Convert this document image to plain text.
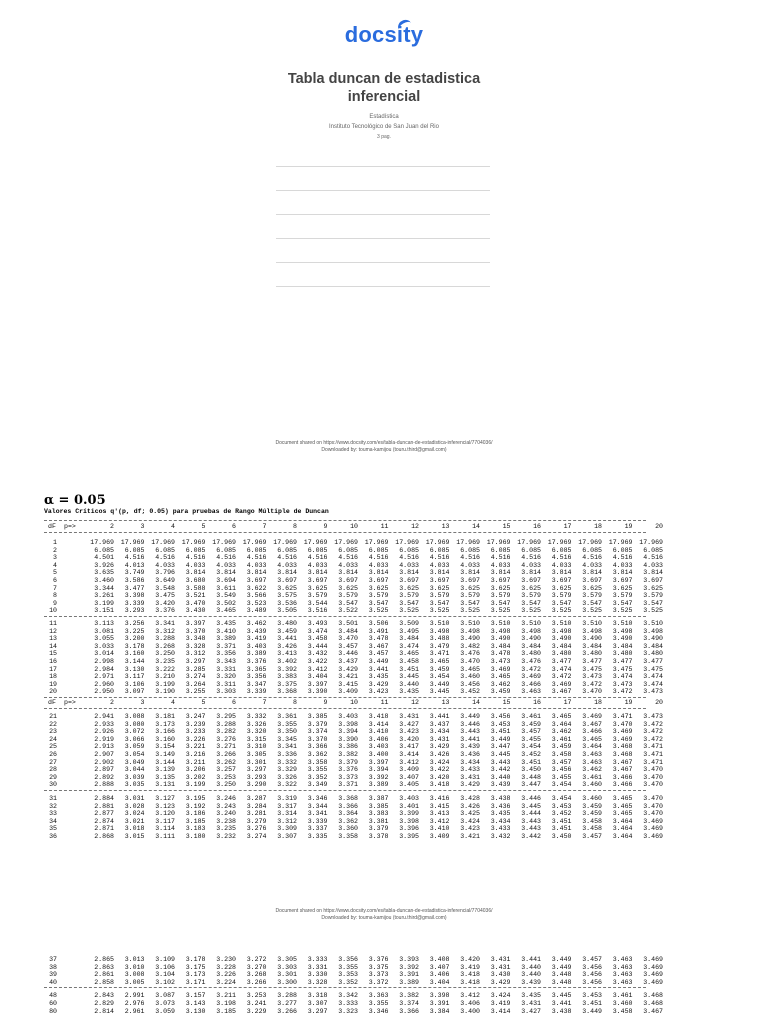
docsity
Tabla duncan de estadistica inferencial
Estadística
Instituto Tecnológico de San Juan del Rio
3 pag.
Document shared on https://www.docsity.com/es/tabla-duncan-de-estadistica-inferencial/7704036/
Downloaded by: touma-kamijou (touru.third@gmail.com)
α = 0.05
Valores Críticos q'(p, df; 0.05) para pruebas de Rango Múltiple de Duncan
dF p=>	2	3	4	5	6	7	8	9	10	11	12	13	14	15	16	17	18	19	20
1	17.969	17.969	17.969	17.969	17.969	17.969	17.969	17.969	17.969	17.969	17.969	17.969	17.969	17.969	17.969	17.969	17.969	17.969	17.969
2	6.085	6.085	6.085	6.085	6.085	6.085	6.085	6.085	6.085	6.085	6.085	6.085	6.085	6.085	6.085	6.085	6.085	6.085	6.085
3	4.501	4.516	4.516	4.516	4.516	4.516	4.516	4.516	4.516	4.516	4.516	4.516	4.516	4.516	4.516	4.516	4.516	4.516	4.516
4	3.926	4.013	4.033	4.033	4.033	4.033	4.033	4.033	4.033	4.033	4.033	4.033	4.033	4.033	4.033	4.033	4.033	4.033	4.033
5	3.635	3.749	3.796	3.814	3.814	3.814	3.814	3.814	3.814	3.814	3.814	3.814	3.814	3.814	3.814	3.814	3.814	3.814	3.814
6	3.460	3.586	3.649	3.680	3.694	3.697	3.697	3.697	3.697	3.697	3.697	3.697	3.697	3.697	3.697	3.697	3.697	3.697	3.697
7	3.344	3.477	3.548	3.588	3.611	3.622	3.625	3.625	3.625	3.625	3.625	3.625	3.625	3.625	3.625	3.625	3.625	3.625	3.625
8	3.261	3.398	3.475	3.521	3.549	3.566	3.575	3.579	3.579	3.579	3.579	3.579	3.579	3.579	3.579	3.579	3.579	3.579	3.579
9	3.199	3.339	3.420	3.470	3.502	3.523	3.536	3.544	3.547	3.547	3.547	3.547	3.547	3.547	3.547	3.547	3.547	3.547	3.547
10	3.151	3.293	3.376	3.430	3.465	3.489	3.505	3.516	3.522	3.525	3.525	3.525	3.525	3.525	3.525	3.525	3.525	3.525	3.525
11	3.113	3.256	3.341	3.397	3.435	3.462	3.480	3.493	3.501	3.506	3.509	3.510	3.510	3.510	3.510	3.510	3.510	3.510	3.510
12	3.081	3.225	3.312	3.370	3.410	3.439	3.459	3.474	3.484	3.491	3.495	3.498	3.498	3.498	3.498	3.498	3.498	3.498	3.498
13	3.055	3.200	3.288	3.348	3.389	3.419	3.441	3.458	3.470	3.478	3.484	3.488	3.490	3.490	3.490	3.490	3.490	3.490	3.490
14	3.033	3.178	3.268	3.328	3.371	3.403	3.426	3.444	3.457	3.467	3.474	3.479	3.482	3.484	3.484	3.484	3.484	3.484	3.484
15	3.014	3.160	3.250	3.312	3.356	3.389	3.413	3.432	3.446	3.457	3.465	3.471	3.476	3.478	3.480	3.480	3.480	3.480	3.480
16	2.998	3.144	3.235	3.297	3.343	3.376	3.402	3.422	3.437	3.449	3.458	3.465	3.470	3.473	3.476	3.477	3.477	3.477	3.477
17	2.984	3.130	3.222	3.285	3.331	3.365	3.392	3.412	3.429	3.441	3.451	3.459	3.465	3.469	3.472	3.474	3.475	3.475	3.475
18	2.971	3.117	3.210	3.274	3.320	3.356	3.383	3.404	3.421	3.435	3.445	3.454	3.460	3.465	3.469	3.472	3.473	3.474	3.474
19	2.960	3.106	3.199	3.264	3.311	3.347	3.375	3.397	3.415	3.429	3.440	3.449	3.456	3.462	3.466	3.469	3.472	3.473	3.474
20	2.950	3.097	3.190	3.255	3.303	3.339	3.368	3.390	3.409	3.423	3.435	3.445	3.452	3.459	3.463	3.467	3.470	3.472	3.473
dF p=>	2	3	4	5	6	7	8	9	10	11	12	13	14	15	16	17	18	19	20
21	2.941	3.088	3.181	3.247	3.295	3.332	3.361	3.385	3.403	3.418	3.431	3.441	3.449	3.456	3.461	3.465	3.469	3.471	3.473
22	2.933	3.080	3.173	3.239	3.288	3.326	3.355	3.379	3.398	3.414	3.427	3.437	3.446	3.453	3.459	3.464	3.467	3.470	3.472
23	2.926	3.072	3.166	3.233	3.282	3.320	3.350	3.374	3.394	3.410	3.423	3.434	3.443	3.451	3.457	3.462	3.466	3.469	3.472
24	2.919	3.066	3.160	3.226	3.276	3.315	3.345	3.370	3.390	3.406	3.420	3.431	3.441	3.449	3.455	3.461	3.465	3.469	3.472
25	2.913	3.059	3.154	3.221	3.271	3.310	3.341	3.366	3.386	3.403	3.417	3.429	3.439	3.447	3.454	3.459	3.464	3.468	3.471
26	2.907	3.054	3.149	3.216	3.266	3.305	3.336	3.362	3.382	3.400	3.414	3.426	3.436	3.445	3.452	3.458	3.463	3.468	3.471
27	2.902	3.049	3.144	3.211	3.262	3.301	3.332	3.358	3.379	3.397	3.412	3.424	3.434	3.443	3.451	3.457	3.463	3.467	3.471
28	2.897	3.044	3.139	3.206	3.257	3.297	3.329	3.355	3.376	3.394	3.409	3.422	3.433	3.442	3.450	3.456	3.462	3.467	3.470
29	2.892	3.039	3.135	3.202	3.253	3.293	3.326	3.352	3.373	3.392	3.407	3.420	3.431	3.440	3.448	3.455	3.461	3.466	3.470
30	2.888	3.035	3.131	3.199	3.250	3.290	3.322	3.349	3.371	3.389	3.405	3.418	3.429	3.439	3.447	3.454	3.460	3.466	3.470
31	2.884	3.031	3.127	3.195	3.246	3.287	3.319	3.346	3.368	3.387	3.403	3.416	3.428	3.438	3.446	3.454	3.460	3.465	3.470
32	2.881	3.028	3.123	3.192	3.243	3.284	3.317	3.344	3.366	3.385	3.401	3.415	3.426	3.436	3.445	3.453	3.459	3.465	3.470
33	2.877	3.024	3.120	3.186	3.240	3.281	3.314	3.341	3.364	3.383	3.399	3.413	3.425	3.435	3.444	3.452	3.459	3.465	3.470
34	2.874	3.021	3.117	3.185	3.238	3.279	3.312	3.339	3.362	3.381	3.398	3.412	3.424	3.434	3.443	3.451	3.458	3.464	3.469
35	2.871	3.018	3.114	3.183	3.235	3.276	3.309	3.337	3.360	3.379	3.396	3.410	3.423	3.433	3.443	3.451	3.458	3.464	3.469
36	2.868	3.015	3.111	3.180	3.232	3.274	3.307	3.335	3.358	3.378	3.395	3.409	3.421	3.432	3.442	3.450	3.457	3.464	3.469
37	2.865	3.013	3.109	3.178	3.230	3.272	3.305	3.333	3.356	3.376	3.393	3.408	3.420	3.431	3.441	3.449	3.457	3.463	3.469
38	2.863	3.010	3.106	3.175	3.228	3.270	3.303	3.331	3.355	3.375	3.392	3.407	3.419	3.431	3.440	3.449	3.456	3.463	3.469
39	2.861	3.008	3.104	3.173	3.226	3.268	3.301	3.330	3.353	3.373	3.391	3.406	3.418	3.430	3.440	3.448	3.456	3.463	3.469
40	2.858	3.005	3.102	3.171	3.224	3.266	3.300	3.328	3.352	3.372	3.389	3.404	3.418	3.429	3.439	3.448	3.456	3.463	3.469
48	2.843	2.991	3.087	3.157	3.211	3.253	3.288	3.318	3.342	3.363	3.382	3.398	3.412	3.424	3.435	3.445	3.453	3.461	3.468
60	2.829	2.976	3.073	3.143	3.198	3.241	3.277	3.307	3.333	3.355	3.374	3.391	3.406	3.419	3.431	3.441	3.451	3.460	3.468
80	2.814	2.961	3.059	3.130	3.185	3.229	3.266	3.297	3.323	3.346	3.366	3.384	3.400	3.414	3.427	3.438	3.449	3.458	3.467
Document shared on https://www.docsity.com/es/tabla-duncan-de-estadistica-inferencial/7704036/
Downloaded by: touma-kamijou (touru.third@gmail.com)
